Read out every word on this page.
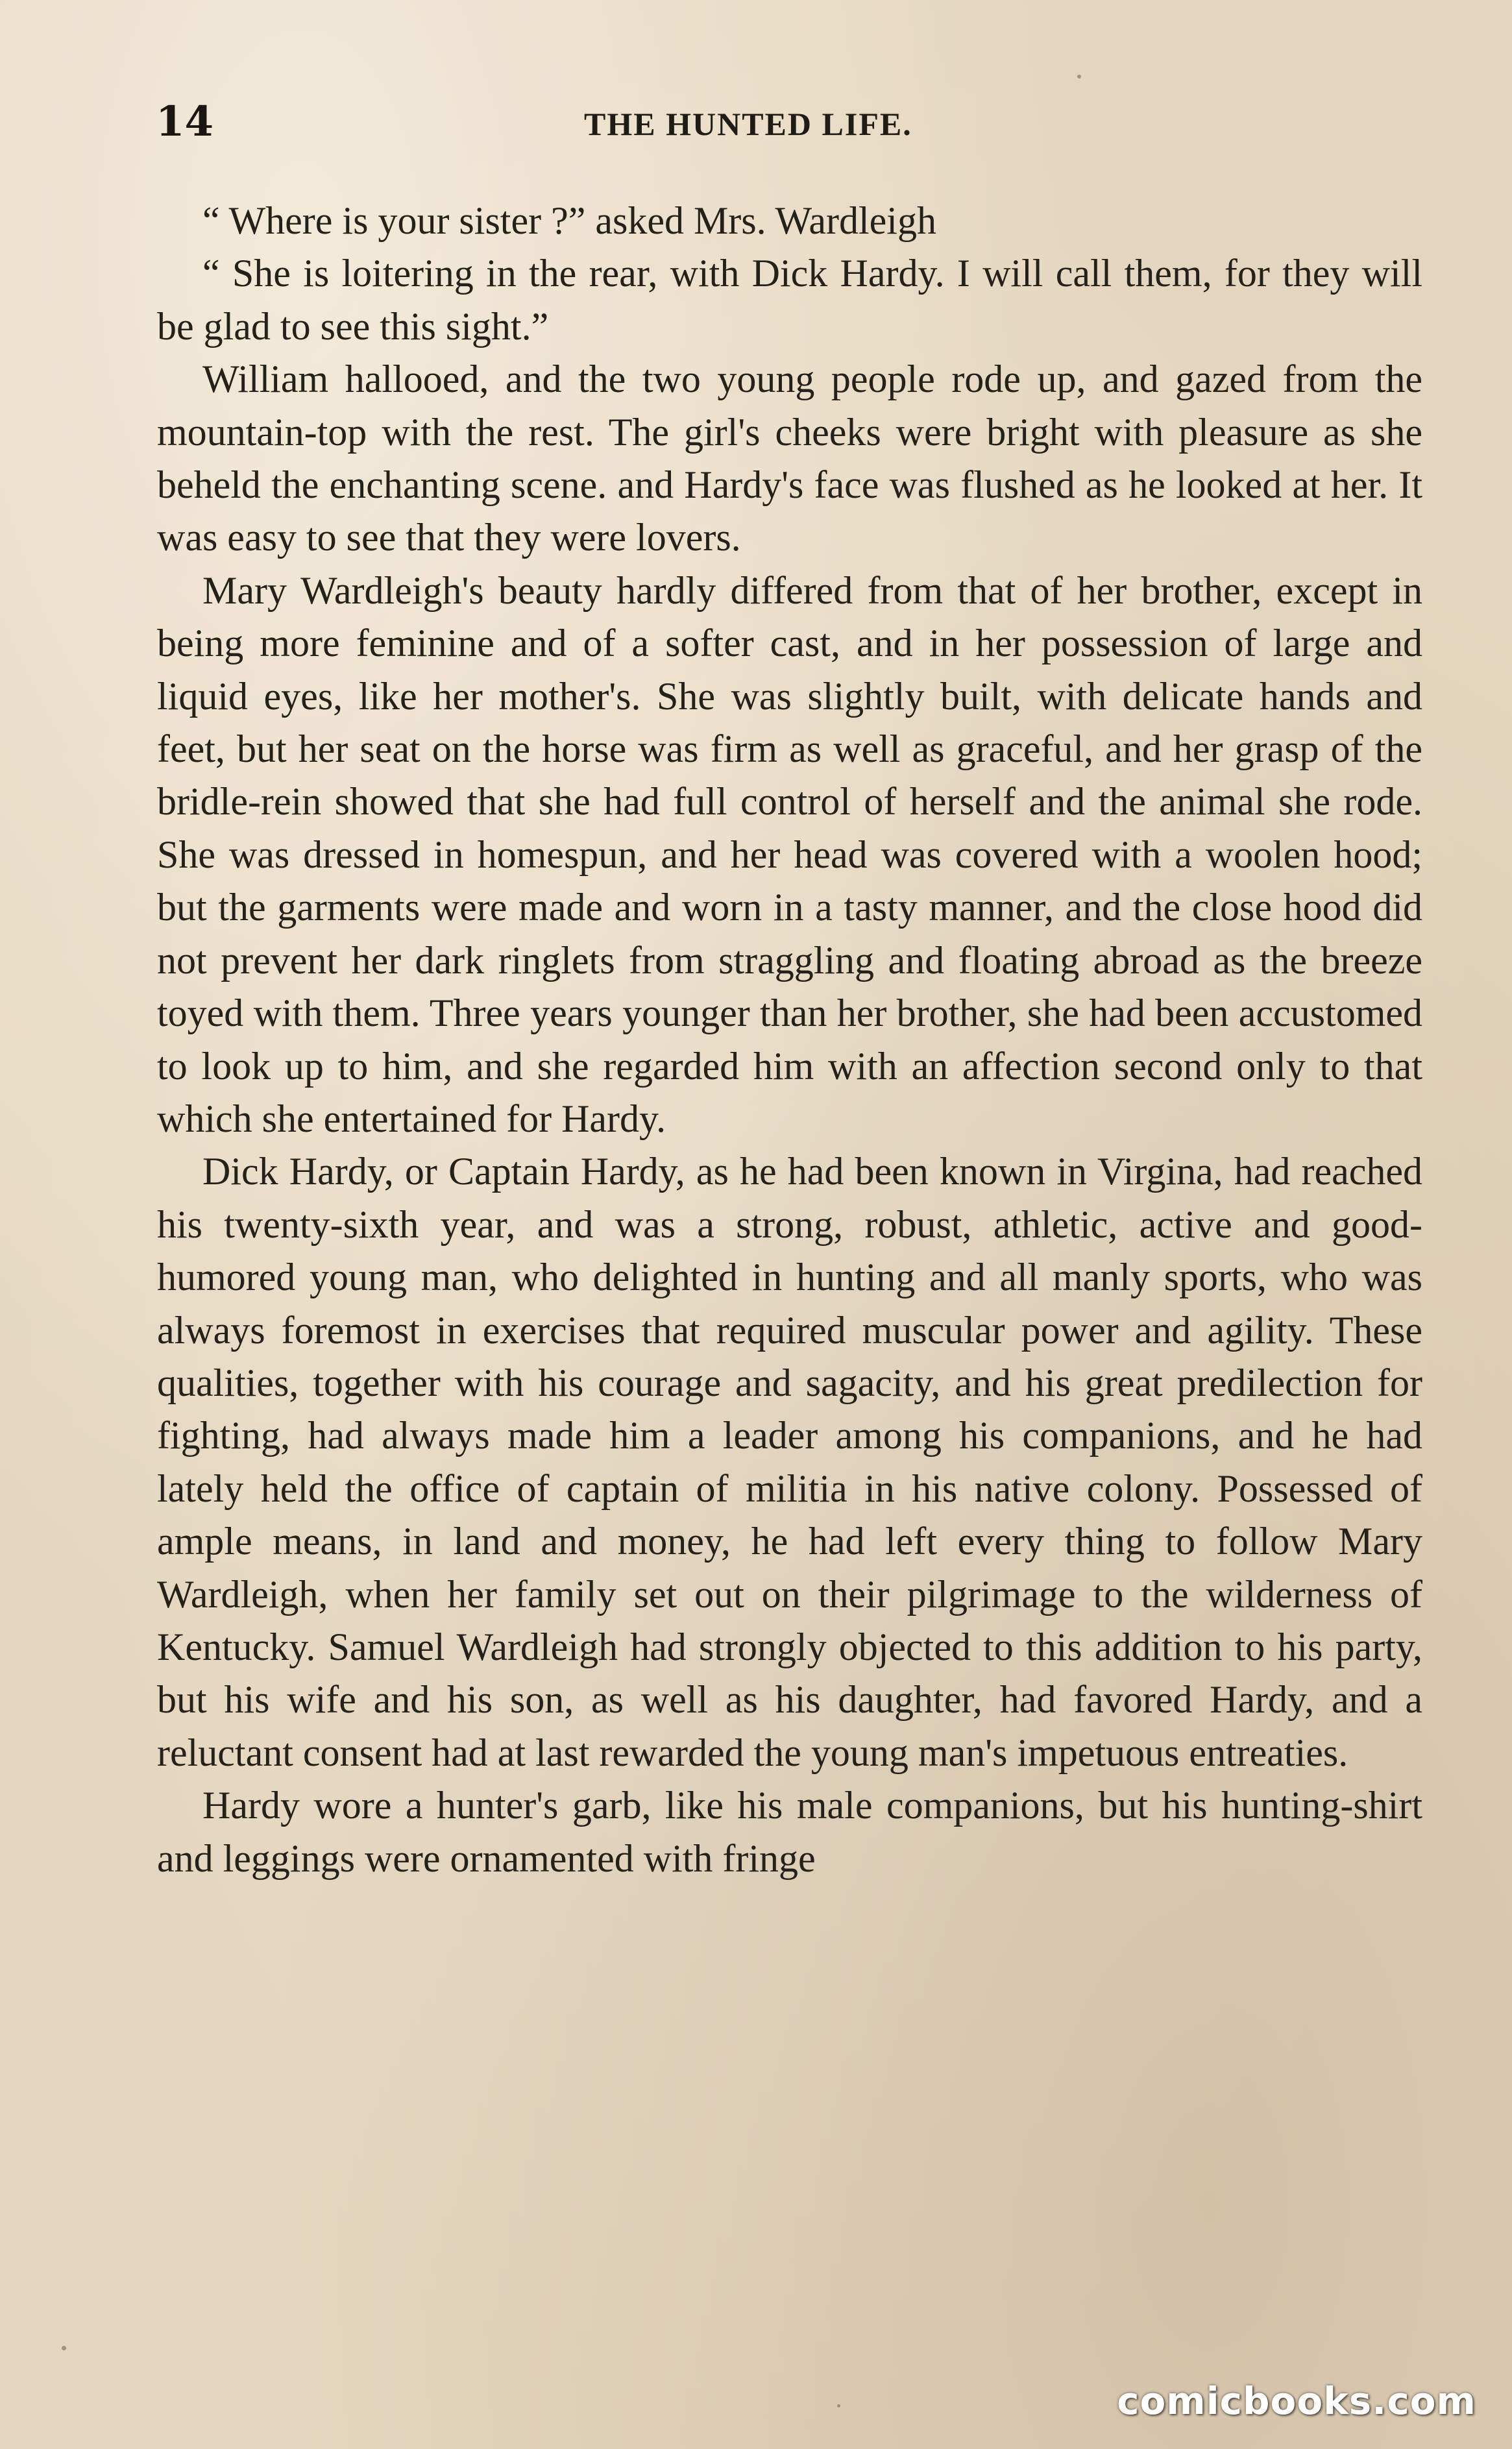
14	THE HUNTED LIFE.

“ Where is your sister ?” asked Mrs. Wardleigh

“ She is loitering in the rear, with Dick Hardy. I will call them, for they will be glad to see this sight.”

William hallooed, and the two young people rode up, and gazed from the mountain-top with the rest. The girl's cheeks were bright with pleasure as she beheld the enchanting scene. and Hardy's face was flushed as he looked at her. It was easy to see that they were lovers.

Mary Wardleigh's beauty hardly differed from that of her brother, except in being more feminine and of a softer cast, and in her possession of large and liquid eyes, like her mother's. She was slightly built, with delicate hands and feet, but her seat on the horse was firm as well as graceful, and her grasp of the bridle-rein showed that she had full control of herself and the animal she rode. She was dressed in homespun, and her head was covered with a woolen hood; but the garments were made and worn in a tasty manner, and the close hood did not prevent her dark ringlets from straggling and floating abroad as the breeze toyed with them. Three years younger than her brother, she had been accustomed to look up to him, and she regarded him with an affection second only to that which she entertained for Hardy.

Dick Hardy, or Captain Hardy, as he had been known in Virgina, had reached his twenty-sixth year, and was a strong, robust, athletic, active and good-humored young man, who delighted in hunting and all manly sports, who was always foremost in exercises that required muscular power and agility. These qualities, together with his courage and sagacity, and his great predilection for fighting, had always made him a leader among his companions, and he had lately held the office of captain of militia in his native colony. Possessed of ample means, in land and money, he had left every thing to follow Mary Wardleigh, when her family set out on their pilgrimage to the wilderness of Kentucky. Samuel Wardleigh had strongly objected to this addition to his party, but his wife and his son, as well as his daughter, had favored Hardy, and a reluctant consent had at last rewarded the young man's impetuous entreaties.

Hardy wore a hunter's garb, like his male companions, but his hunting-shirt and leggings were ornamented with fringe

comicbooks.com
